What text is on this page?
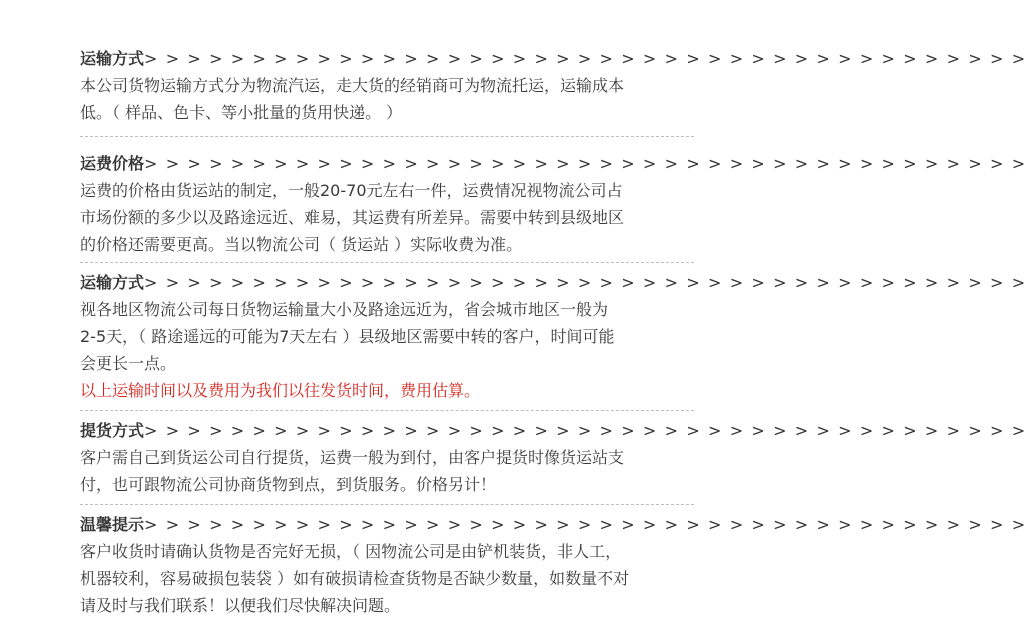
运输方式> > > > > > > > > > > > > > > > > > > > > > > > > > > > > > > > > > > > > > > > >

本公司货物运输方式分为物流汽运，走大货的经销商可为物流托运，运输成本

低。（ 样品、色卡、等小批量的货用快递。 ）

运费价格> > > > > > > > > > > > > > > > > > > > > > > > > > > > > > > > > > > > > > > > >

运费的价格由货运站的制定，一般20-70元左右一件，运费情况视物流公司占

市场份额的多少以及路途远近、难易，其运费有所差异。需要中转到县级地区

的价格还需要更高。当以物流公司（ 货运站 ）实际收费为准。

运输方式> > > > > > > > > > > > > > > > > > > > > > > > > > > > > > > > > > > > > > > > >

视各地区物流公司每日货物运输量大小及路途远近为，省会城市地区一般为

2-5天，（ 路途遥远的可能为7天左右 ）县级地区需要中转的客户，时间可能

会更长一点。

以上运输时间以及费用为我们以往发货时间，费用估算。

提货方式> > > > > > > > > > > > > > > > > > > > > > > > > > > > > > > > > > > > > > > > >

客户需自己到货运公司自行提货，运费一般为到付，由客户提货时像货运站支

付，也可跟物流公司协商货物到点，到货服务。价格另计！

温馨提示> > > > > > > > > > > > > > > > > > > > > > > > > > > > > > > > > > > > > > > > >

客户收货时请确认货物是否完好无损，（ 因物流公司是由铲机装货，非人工，

机器较利，容易破损包装袋 ）如有破损请检查货物是否缺少数量，如数量不对

请及时与我们联系！以便我们尽快解决问题。
